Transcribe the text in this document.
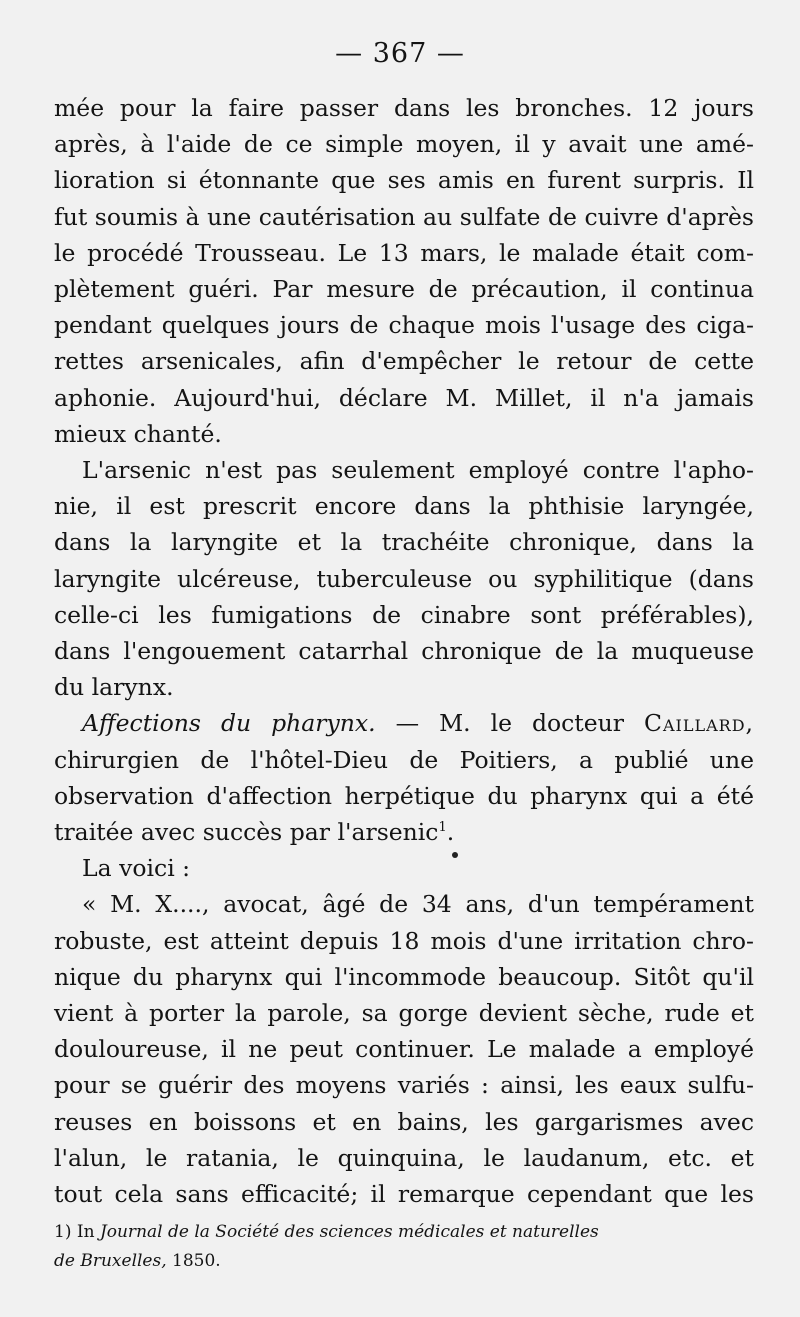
— 367 —

mée pour la faire passer dans les bronches. 12 jours
après, à l'aide de ce simple moyen, il y avait une amé-
lioration si étonnante que ses amis en furent surpris. Il
fut soumis à une cautérisation au sulfate de cuivre d'après
le procédé Trousseau. Le 13 mars, le malade était com-
plètement guéri. Par mesure de précaution, il continua
pendant quelques jours de chaque mois l'usage des ciga-
rettes arsenicales, afin d'empêcher le retour de cette
aphonie. Aujourd'hui, déclare M. Millet, il n'a jamais
mieux chanté.

L'arsenic n'est pas seulement employé contre l'apho-
nie, il est prescrit encore dans la phthisie laryngée,
dans la laryngite et la trachéite chronique, dans la
laryngite ulcéreuse, tuberculeuse ou syphilitique (dans
celle-ci les fumigations de cinabre sont préférables),
dans l'engouement catarrhal chronique de la muqueuse
du larynx.

Affections du pharynx. — M. le docteur Caillard,
chirurgien de l'hôtel-Dieu de Poitiers, a publié une
observation d'affection herpétique du pharynx qui a été
traitée avec succès par l'arsenic$^1$.

La voici :

« M. X...., avocat, âgé de 34 ans, d'un tempérament
robuste, est atteint depuis 18 mois d'une irritation chro-
nique du pharynx qui l'incommode beaucoup. Sitôt qu'il
vient à porter la parole, sa gorge devient sèche, rude et
douloureuse, il ne peut continuer. Le malade a employé
pour se guérir des moyens variés : ainsi, les eaux sulfu-
reuses en boissons et en bains, les gargarismes avec
l'alun, le ratania, le quinquina, le laudanum, etc. et
tout cela sans efficacité; il remarque cependant que les

1) In Journal de la Société des sciences médicales et naturelles
de Bruxelles, 1850.
